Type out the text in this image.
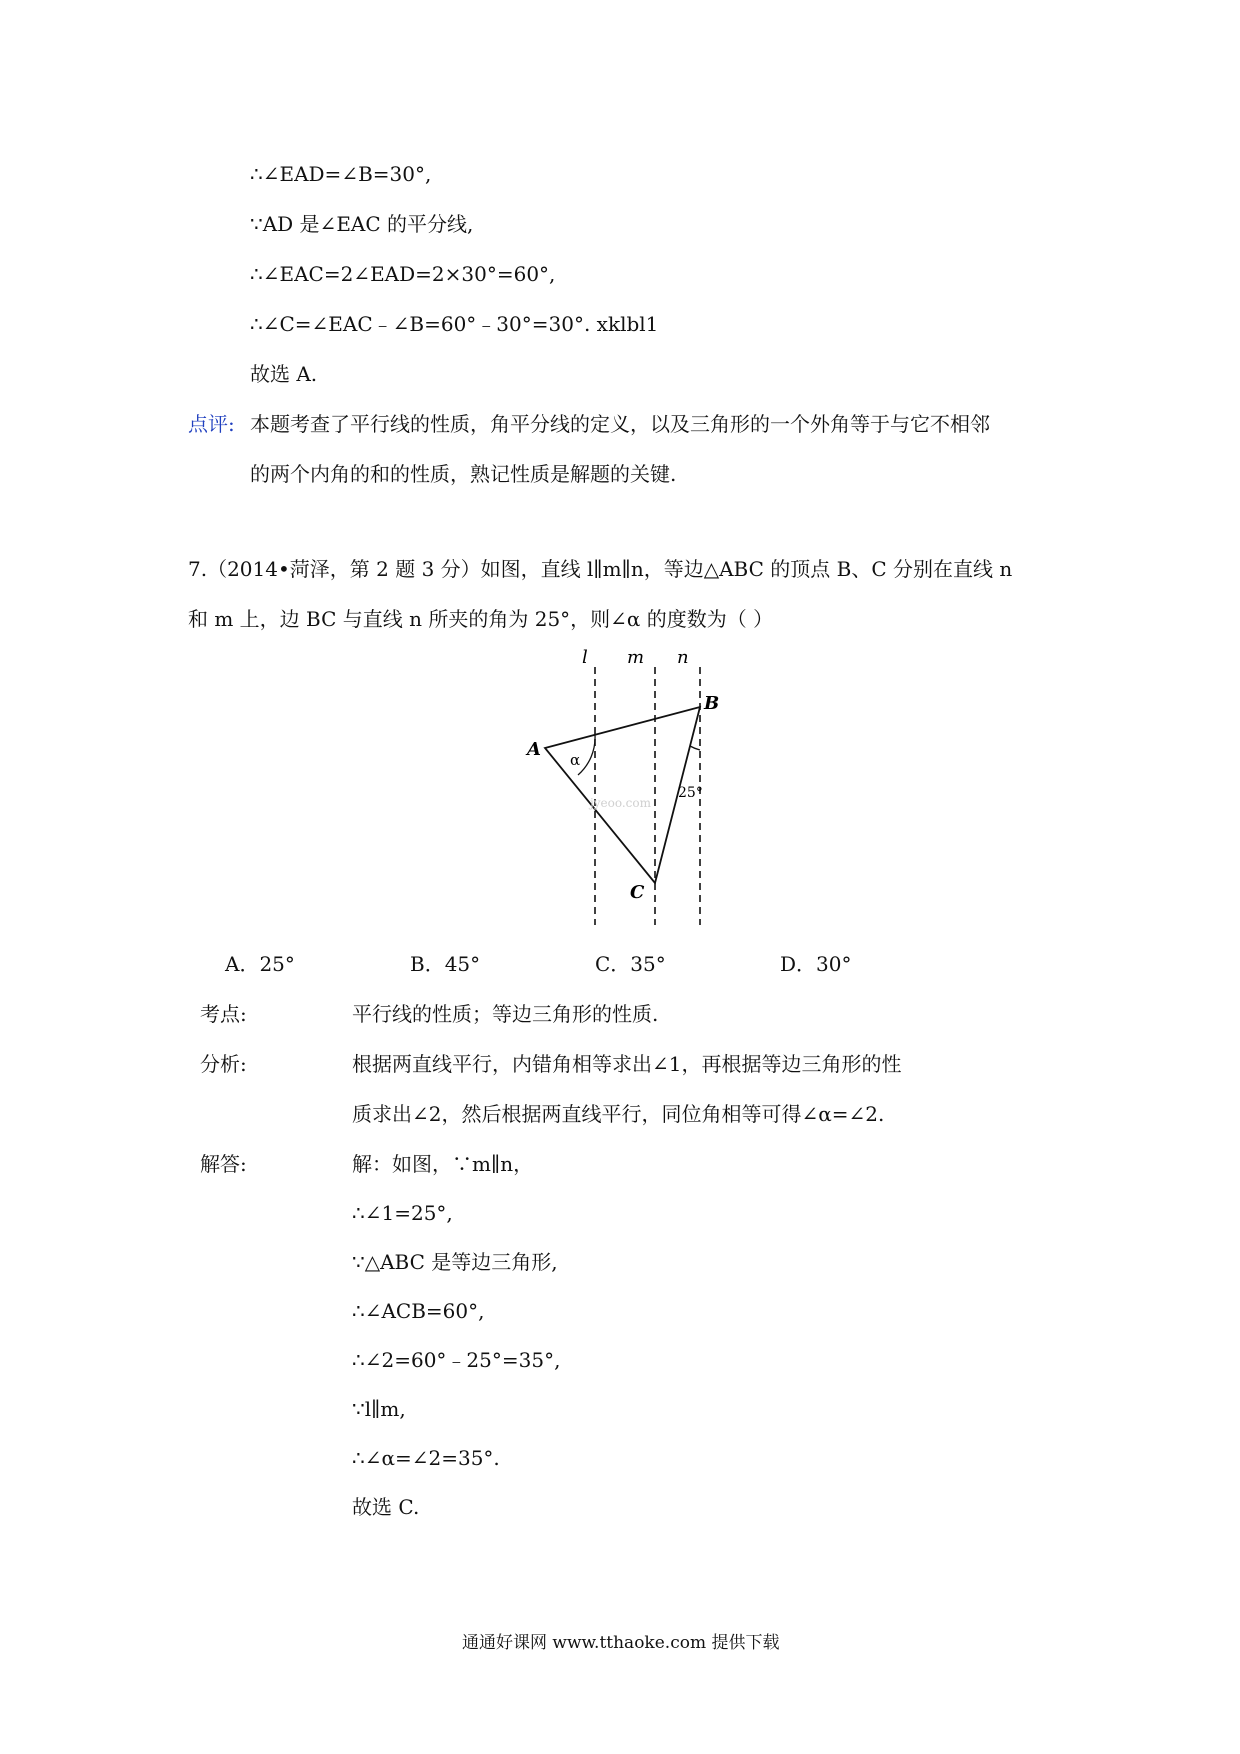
∴∠EAD=∠B=30°,
∵AD 是∠EAC 的平分线,
∴∠EAC=2∠EAD=2×30°=60°,
∴∠C=∠EAC﹣∠B=60°﹣30°=30°. xklbl1
故选 A.
点评: 本题考查了平行线的性质，角平分线的定义，以及三角形的一个外角等于与它不相邻
的两个内角的和的性质，熟记性质是解题的关键.
7.（2014•菏泽，第 2 题 3 分）如图，直线 l∥m∥n，等边△ABC 的顶点 B、C 分别在直线 n
和 m 上，边 BC 与直线 n 所夹的角为 25°，则∠α 的度数为（ ）
l m n
A
B
C
α
25°
jyeoo.com
A．25°	B．45°	C．35°	D．30°
考点:	平行线的性质；等边三角形的性质.
分析:	根据两直线平行，内错角相等求出∠1，再根据等边三角形的性
质求出∠2，然后根据两直线平行，同位角相等可得∠α=∠2.
解答:	解：如图，∵m∥n，
∴∠1=25°,
∵△ABC 是等边三角形,
∴∠ACB=60°,
∴∠2=60°﹣25°=35°,
∵l∥m,
∴∠α=∠2=35°.
故选 C.
通通好课网 www.tthaoke.com 提供下载
